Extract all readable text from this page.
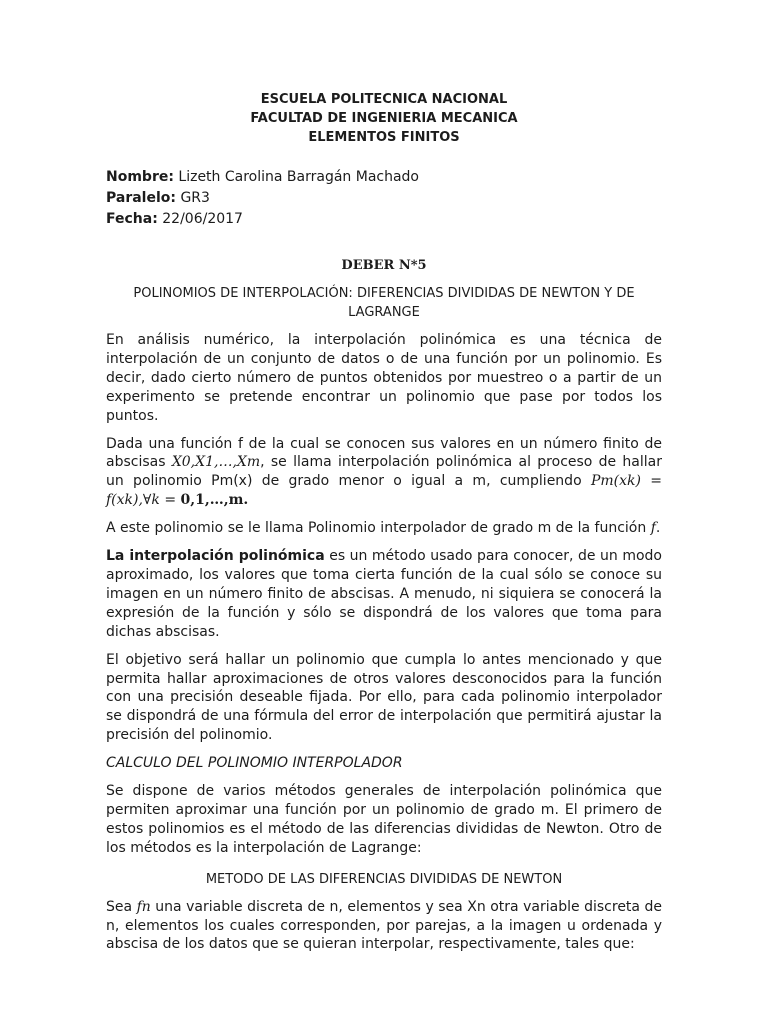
ESCUELA POLITECNICA NACIONAL
FACULTAD DE INGENIERIA MECANICA
ELEMENTOS FINITOS
Nombre: Lizeth Carolina Barragán Machado
Paralelo: GR3
Fecha: 22/06/2017
DEBER N*5
POLINOMIOS DE INTERPOLACIÓN: DIFERENCIAS DIVIDIDAS DE NEWTON Y DE LAGRANGE

En análisis numérico, la interpolación polinómica es una técnica de interpolación de un conjunto de datos o de una función por un polinomio. Es decir, dado cierto número de puntos obtenidos por muestreo o a partir de un experimento se pretende encontrar un polinomio que pase por todos los puntos.

Dada una función f de la cual se conocen sus valores en un número finito de abscisas X0,X1,…,Xm, se llama interpolación polinómica al proceso de hallar un polinomio Pm(x) de grado menor o igual a m, cumpliendo Pm(xk) = f(xk),∀k = 0,1,…,m.

A este polinomio se le llama Polinomio interpolador de grado m de la función f.

La interpolación polinómica es un método usado para conocer, de un modo aproximado, los valores que toma cierta función de la cual sólo se conoce su imagen en un número finito de abscisas. A menudo, ni siquiera se conocerá la expresión de la función y sólo se dispondrá de los valores que toma para dichas abscisas.

El objetivo será hallar un polinomio que cumpla lo antes mencionado y que permita hallar aproximaciones de otros valores desconocidos para la función con una precisión deseable fijada. Por ello, para cada polinomio interpolador se dispondrá de una fórmula del error de interpolación que permitirá ajustar la precisión del polinomio.

CALCULO DEL POLINOMIO INTERPOLADOR

Se dispone de varios métodos generales de interpolación polinómica que permiten aproximar una función por un polinomio de grado m. El primero de estos polinomios es el método de las diferencias divididas de Newton. Otro de los métodos es la interpolación de Lagrange:

METODO DE LAS DIFERENCIAS DIVIDIDAS DE NEWTON

Sea fn una variable discreta de n, elementos y sea Xn otra variable discreta de n, elementos los cuales corresponden, por parejas, a la imagen u ordenada y abscisa de los datos que se quieran interpolar, respectivamente, tales que:
